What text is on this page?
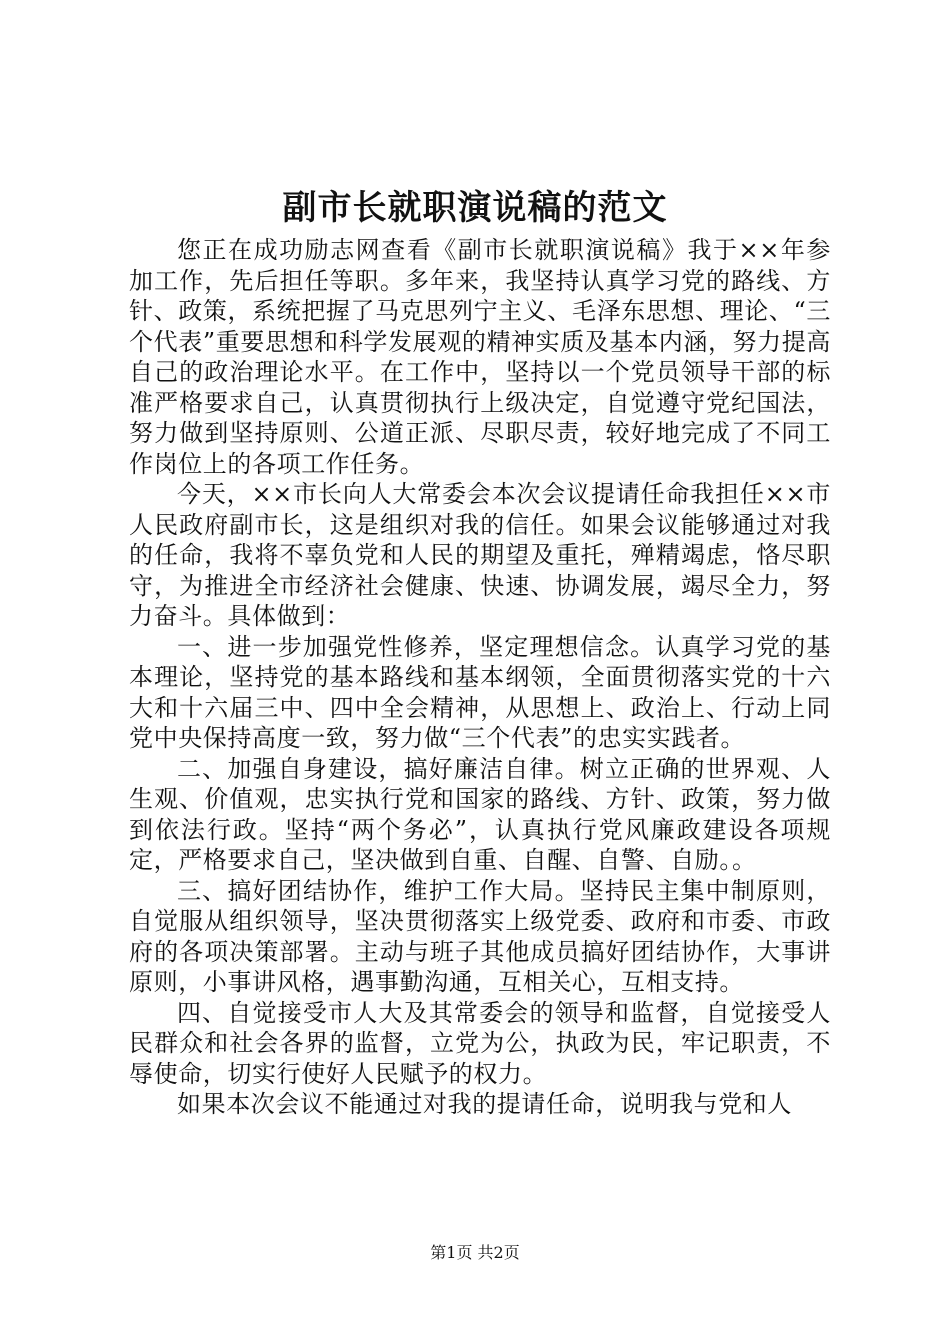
副市长就职演说稿的范文

您正在成功励志网查看《副市长就职演说稿》我于××年参加工作，先后担任等职。多年来，我坚持认真学习党的路线、方针、政策，系统把握了马克思列宁主义、毛泽东思想、理论、“三个代表”重要思想和科学发展观的精神实质及基本内涵，努力提高自己的政治理论水平。在工作中，坚持以一个党员领导干部的标准严格要求自己，认真贯彻执行上级决定，自觉遵守党纪国法，努力做到坚持原则、公道正派、尽职尽责，较好地完成了不同工作岗位上的各项工作任务。

今天，××市长向人大常委会本次会议提请任命我担任××市人民政府副市长，这是组织对我的信任。如果会议能够通过对我的任命，我将不辜负党和人民的期望及重托，殚精竭虑，恪尽职守，为推进全市经济社会健康、快速、协调发展，竭尽全力，努力奋斗。具体做到：

一、进一步加强党性修养，坚定理想信念。认真学习党的基本理论，坚持党的基本路线和基本纲领，全面贯彻落实党的十六大和十六届三中、四中全会精神，从思想上、政治上、行动上同党中央保持高度一致，努力做“三个代表”的忠实实践者。

二、加强自身建设，搞好廉洁自律。树立正确的世界观、人生观、价值观，忠实执行党和国家的路线、方针、政策，努力做到依法行政。坚持“两个务必”，认真执行党风廉政建设各项规定，严格要求自己，坚决做到自重、自醒、自警、自励。。

三、搞好团结协作，维护工作大局。坚持民主集中制原则，自觉服从组织领导，坚决贯彻落实上级党委、政府和市委、市政府的各项决策部署。主动与班子其他成员搞好团结协作，大事讲原则，小事讲风格，遇事勤沟通，互相关心，互相支持。

四、自觉接受市人大及其常委会的领导和监督，自觉接受人民群众和社会各界的监督，立党为公，执政为民，牢记职责，不辱使命，切实行使好人民赋予的权力。

如果本次会议不能通过对我的提请任命，说明我与党和人

第1页 共2页
